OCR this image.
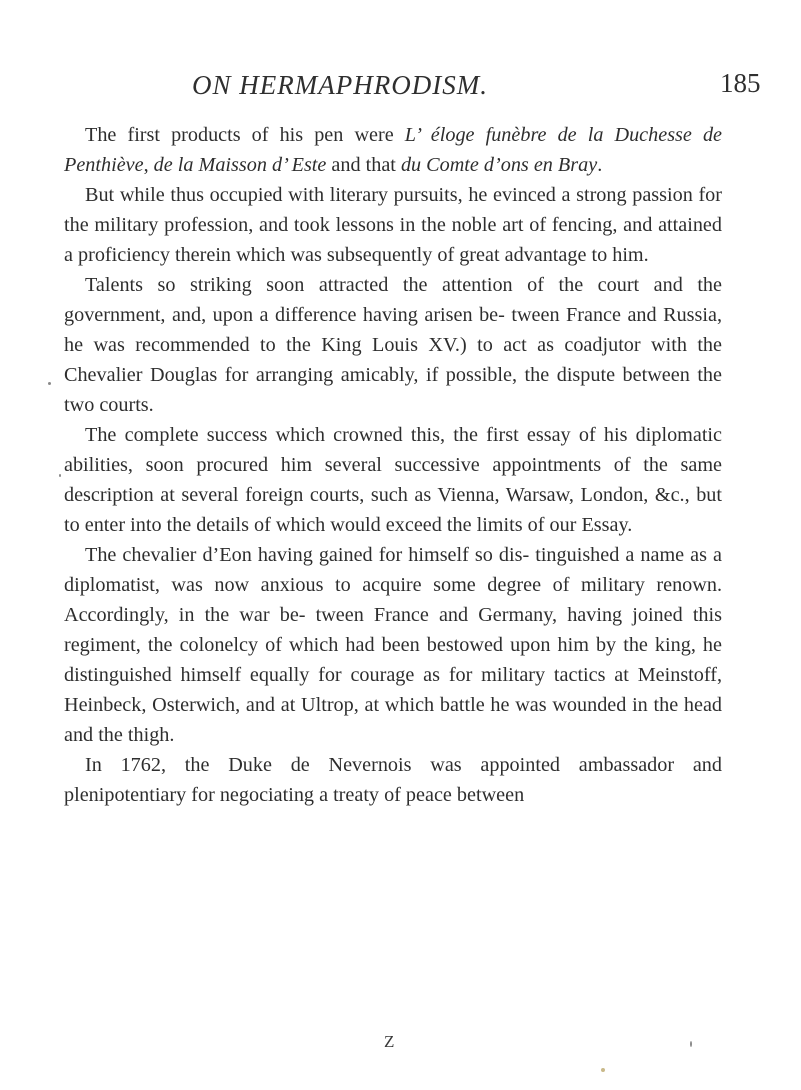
ON HERMAPHRODISM.	185

The first products of his pen were L’ éloge funèbre de la Duchesse de Penthiève, de la Maisson d’ Este and that du Comte d’ons en Bray.

But while thus occupied with literary pursuits, he evinced a strong passion for the military profession, and took lessons in the noble art of fencing, and attained a proficiency therein which was subsequently of great advantage to him.

Talents so striking soon attracted the attention of the court and the government, and, upon a difference having arisen be- tween France and Russia, he was recommended to the King Louis XV.) to act as coadjutor with the Chevalier Douglas for arranging amicably, if possible, the dispute between the two courts.

The complete success which crowned this, the first essay of his diplomatic abilities, soon procured him several successive appointments of the same description at several foreign courts, such as Vienna, Warsaw, London, &c., but to enter into the details of which would exceed the limits of our Essay.

The chevalier d’Eon having gained for himself so dis- tinguished a name as a diplomatist, was now anxious to acquire some degree of military renown. Accordingly, in the war be- tween France and Germany, having joined this regiment, the colonelcy of which had been bestowed upon him by the king, he distinguished himself equally for courage as for military tactics at Meinstoff, Heinbeck, Osterwich, and at Ultrop, at which battle he was wounded in the head and the thigh.

In 1762, the Duke de Nevernois was appointed ambassador and plenipotentiary for negociating a treaty of peace between

Z
